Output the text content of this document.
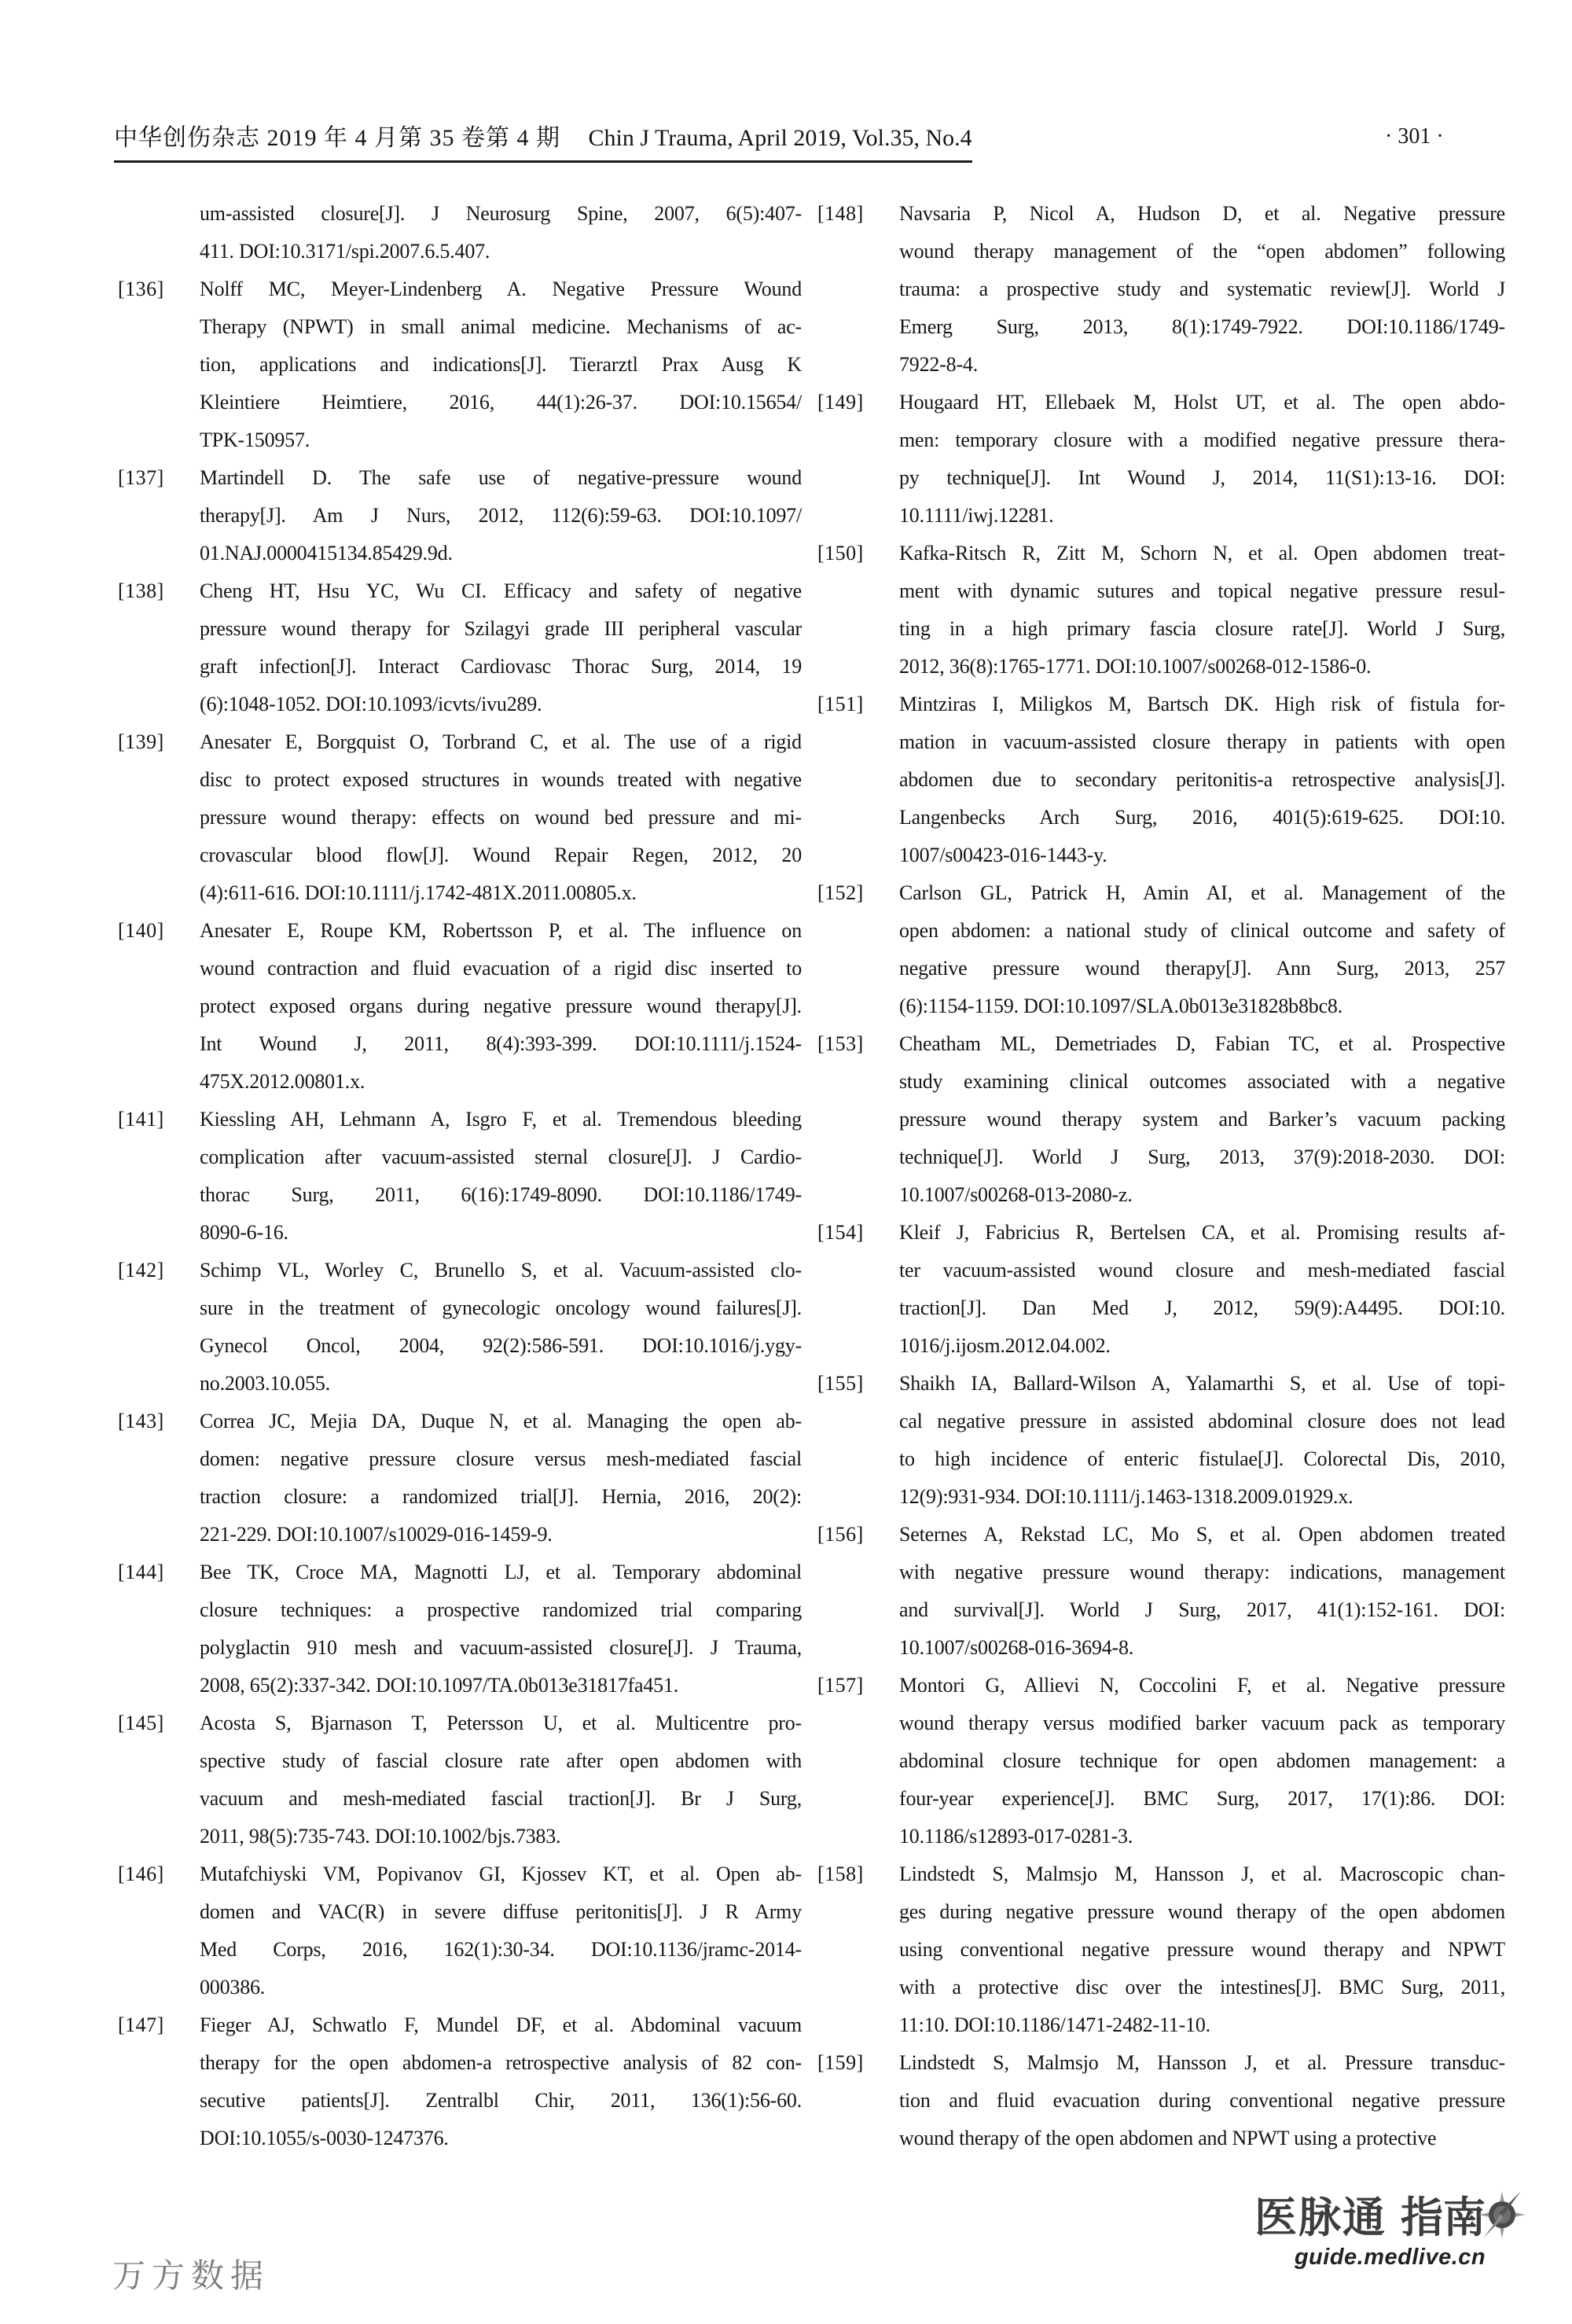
中华创伤杂志 2019 年 4 月第 35 卷第 4 期 Chin J Trauma, April 2019, Vol.35, No.4	· 301 ·
um-assisted closure[J]. J Neurosurg Spine, 2007, 6(5):407-
411. DOI:10.3171/spi.2007.6.5.407.
[136]	Nolff MC, Meyer-Lindenberg A. Negative Pressure Wound
Therapy (NPWT) in small animal medicine. Mechanisms of ac-
tion, applications and indications[J]. Tierarztl Prax Ausg K
Kleintiere Heimtiere, 2016, 44(1):26-37. DOI:10.15654/
TPK-150957.
[137]	Martindell D. The safe use of negative-pressure wound
therapy[J]. Am J Nurs, 2012, 112(6):59-63. DOI:10.1097/
01.NAJ.0000415134.85429.9d.
[138]	Cheng HT, Hsu YC, Wu CI. Efficacy and safety of negative
pressure wound therapy for Szilagyi grade III peripheral vascular
graft infection[J]. Interact Cardiovasc Thorac Surg, 2014, 19
(6):1048-1052. DOI:10.1093/icvts/ivu289.
[139]	Anesater E, Borgquist O, Torbrand C, et al. The use of a rigid
disc to protect exposed structures in wounds treated with negative
pressure wound therapy: effects on wound bed pressure and mi-
crovascular blood flow[J]. Wound Repair Regen, 2012, 20
(4):611-616. DOI:10.1111/j.1742-481X.2011.00805.x.
[140]	Anesater E, Roupe KM, Robertsson P, et al. The influence on
wound contraction and fluid evacuation of a rigid disc inserted to
protect exposed organs during negative pressure wound therapy[J].
Int Wound J, 2011, 8(4):393-399. DOI:10.1111/j.1524-
475X.2012.00801.x.
[141]	Kiessling AH, Lehmann A, Isgro F, et al. Tremendous bleeding
complication after vacuum-assisted sternal closure[J]. J Cardio-
thorac Surg, 2011, 6(16):1749-8090. DOI:10.1186/1749-
8090-6-16.
[142]	Schimp VL, Worley C, Brunello S, et al. Vacuum-assisted clo-
sure in the treatment of gynecologic oncology wound failures[J].
Gynecol Oncol, 2004, 92(2):586-591. DOI:10.1016/j.ygy-
no.2003.10.055.
[143]	Correa JC, Mejia DA, Duque N, et al. Managing the open ab-
domen: negative pressure closure versus mesh-mediated fascial
traction closure: a randomized trial[J]. Hernia, 2016, 20(2):
221-229. DOI:10.1007/s10029-016-1459-9.
[144]	Bee TK, Croce MA, Magnotti LJ, et al. Temporary abdominal
closure techniques: a prospective randomized trial comparing
polyglactin 910 mesh and vacuum-assisted closure[J]. J Trauma,
2008, 65(2):337-342. DOI:10.1097/TA.0b013e31817fa451.
[145]	Acosta S, Bjarnason T, Petersson U, et al. Multicentre pro-
spective study of fascial closure rate after open abdomen with
vacuum and mesh-mediated fascial traction[J]. Br J Surg,
2011, 98(5):735-743. DOI:10.1002/bjs.7383.
[146]	Mutafchiyski VM, Popivanov GI, Kjossev KT, et al. Open ab-
domen and VAC(R) in severe diffuse peritonitis[J]. J R Army
Med Corps, 2016, 162(1):30-34. DOI:10.1136/jramc-2014-
000386.
[147]	Fieger AJ, Schwatlo F, Mundel DF, et al. Abdominal vacuum
therapy for the open abdomen-a retrospective analysis of 82 con-
secutive patients[J]. Zentralbl Chir, 2011, 136(1):56-60.
DOI:10.1055/s-0030-1247376.
[148]	Navsaria P, Nicol A, Hudson D, et al. Negative pressure
wound therapy management of the “open abdomen” following
trauma: a prospective study and systematic review[J]. World J
Emerg Surg, 2013, 8(1):1749-7922. DOI:10.1186/1749-
7922-8-4.
[149]	Hougaard HT, Ellebaek M, Holst UT, et al. The open abdo-
men: temporary closure with a modified negative pressure thera-
py technique[J]. Int Wound J, 2014, 11(S1):13-16. DOI:
10.1111/iwj.12281.
[150]	Kafka-Ritsch R, Zitt M, Schorn N, et al. Open abdomen treat-
ment with dynamic sutures and topical negative pressure resul-
ting in a high primary fascia closure rate[J]. World J Surg,
2012, 36(8):1765-1771. DOI:10.1007/s00268-012-1586-0.
[151]	Mintziras I, Miligkos M, Bartsch DK. High risk of fistula for-
mation in vacuum-assisted closure therapy in patients with open
abdomen due to secondary peritonitis-a retrospective analysis[J].
Langenbecks Arch Surg, 2016, 401(5):619-625. DOI:10.
1007/s00423-016-1443-y.
[152]	Carlson GL, Patrick H, Amin AI, et al. Management of the
open abdomen: a national study of clinical outcome and safety of
negative pressure wound therapy[J]. Ann Surg, 2013, 257
(6):1154-1159. DOI:10.1097/SLA.0b013e31828b8bc8.
[153]	Cheatham ML, Demetriades D, Fabian TC, et al. Prospective
study examining clinical outcomes associated with a negative
pressure wound therapy system and Barker’s vacuum packing
technique[J]. World J Surg, 2013, 37(9):2018-2030. DOI:
10.1007/s00268-013-2080-z.
[154]	Kleif J, Fabricius R, Bertelsen CA, et al. Promising results af-
ter vacuum-assisted wound closure and mesh-mediated fascial
traction[J]. Dan Med J, 2012, 59(9):A4495. DOI:10.
1016/j.ijosm.2012.04.002.
[155]	Shaikh IA, Ballard-Wilson A, Yalamarthi S, et al. Use of topi-
cal negative pressure in assisted abdominal closure does not lead
to high incidence of enteric fistulae[J]. Colorectal Dis, 2010,
12(9):931-934. DOI:10.1111/j.1463-1318.2009.01929.x.
[156]	Seternes A, Rekstad LC, Mo S, et al. Open abdomen treated
with negative pressure wound therapy: indications, management
and survival[J]. World J Surg, 2017, 41(1):152-161. DOI:
10.1007/s00268-016-3694-8.
[157]	Montori G, Allievi N, Coccolini F, et al. Negative pressure
wound therapy versus modified barker vacuum pack as temporary
abdominal closure technique for open abdomen management: a
four-year experience[J]. BMC Surg, 2017, 17(1):86. DOI:
10.1186/s12893-017-0281-3.
[158]	Lindstedt S, Malmsjo M, Hansson J, et al. Macroscopic chan-
ges during negative pressure wound therapy of the open abdomen
using conventional negative pressure wound therapy and NPWT
with a protective disc over the intestines[J]. BMC Surg, 2011,
11:10. DOI:10.1186/1471-2482-11-10.
[159]	Lindstedt S, Malmsjo M, Hansson J, et al. Pressure transduc-
tion and fluid evacuation during conventional negative pressure
wound therapy of the open abdomen and NPWT using a protective
万方数据
医脉通 指南
guide.medlive.cn
